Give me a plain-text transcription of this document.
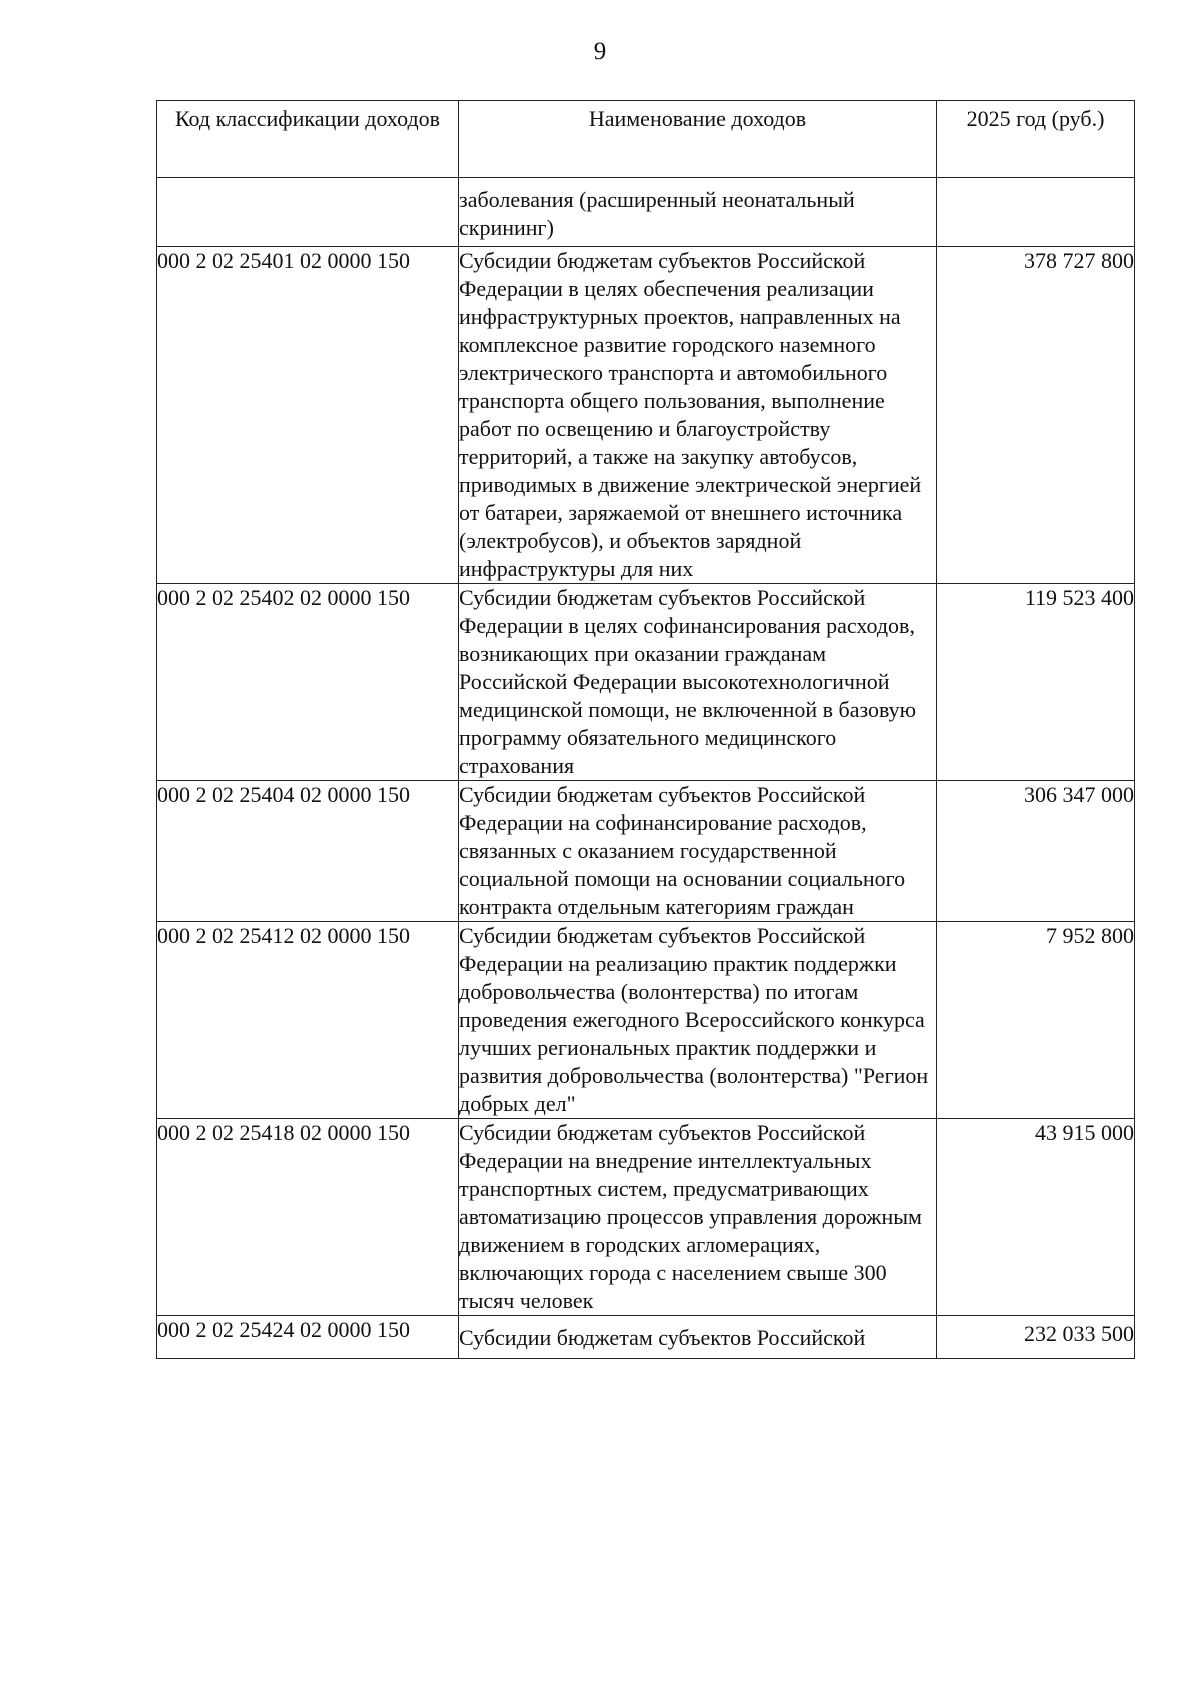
9
Код классификации доходов	Наименование доходов	2025 год (руб.)

	заболевания (расширенный неонатальный скрининг)	

000 2 02 25401 02 0000 150	Субсидии бюджетам субъектов Российской Федерации в целях обеспечения реализации инфраструктурных проектов, направленных на комплексное развитие городского наземного электрического транспорта и автомобильного транспорта общего пользования, выполнение работ по освещению и благоустройству территорий, а также на закупку автобусов, приводимых в движение электрической энергией от батареи, заряжаемой от внешнего источника (электробусов), и объектов зарядной инфраструктуры для них	378 727 800
000 2 02 25402 02 0000 150	Субсидии бюджетам субъектов Российской Федерации в целях софинансирования расходов, возникающих при оказании гражданам Российской Федерации высокотехнологичной медицинской помощи, не включенной в базовую программу обязательного медицинского страхования	119 523 400
000 2 02 25404 02 0000 150	Субсидии бюджетам субъектов Российской Федерации на софинансирование расходов, связанных с оказанием государственной социальной помощи на основании социального контракта отдельным категориям граждан	306 347 000
000 2 02 25412 02 0000 150	Субсидии бюджетам субъектов Российской Федерации на реализацию практик поддержки добровольчества (волонтерства) по итогам проведения ежегодного Всероссийского конкурса лучших региональных практик поддержки и развития добровольчества (волонтерства) "Регион добрых дел"	7 952 800
000 2 02 25418 02 0000 150	Субсидии бюджетам субъектов Российской Федерации на внедрение интеллектуальных транспортных систем, предусматривающих автоматизацию процессов управления дорожным движением в городских агломерациях, включающих города с населением свыше 300 тысяч человек	43 915 000
000 2 02 25424 02 0000 150	Субсидии бюджетам субъектов Российской	232 033 500
